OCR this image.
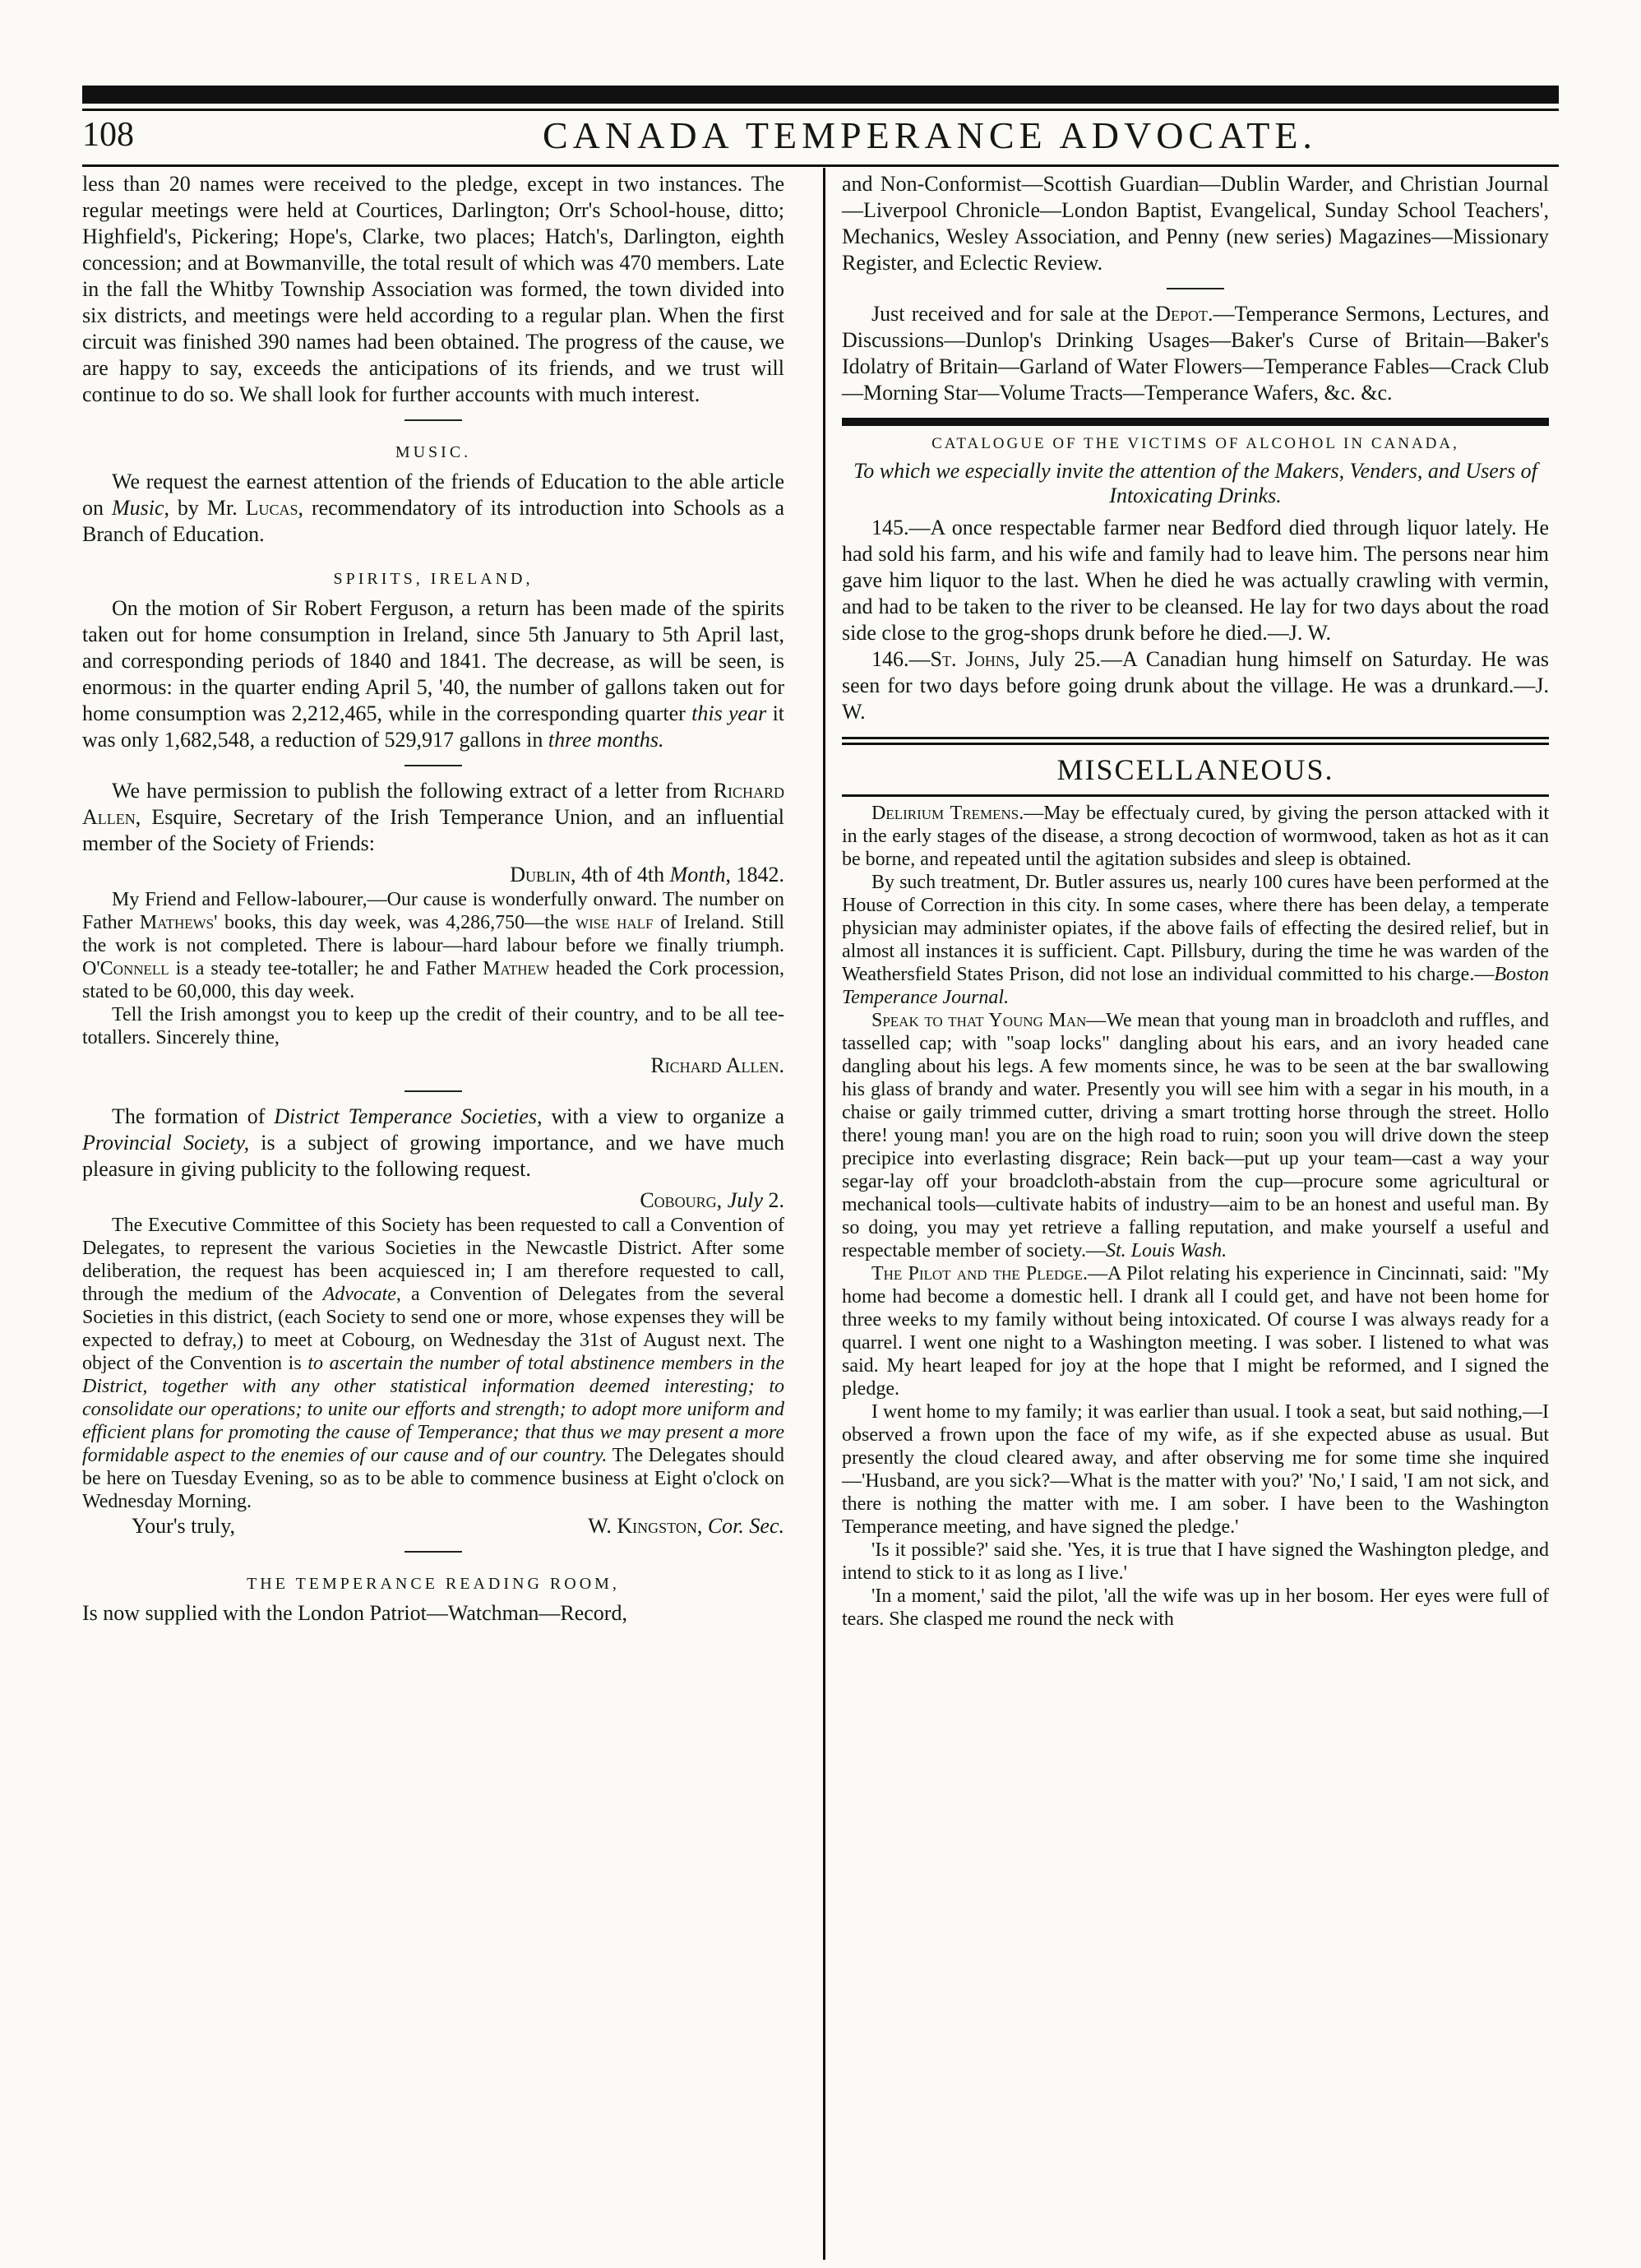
108	CANADA TEMPERANCE ADVOCATE.

less than 20 names were received to the pledge, except in two instances. The regular meetings were held at Courtices, Darlington; Orr's School-house, ditto; Highfield's, Pickering; Hope's, Clarke, two places; Hatch's, Darlington, eighth concession; and at Bowmanville, the total result of which was 470 members. Late in the fall the Whitby Township Association was formed, the town divided into six districts, and meetings were held according to a regular plan. When the first circuit was finished 390 names had been obtained. The progress of the cause, we are happy to say, exceeds the anticipations of its friends, and we trust will continue to do so. We shall look for further accounts with much interest.

MUSIC.

We request the earnest attention of the friends of Education to the able article on Music, by Mr. Lucas, recommendatory of its introduction into Schools as a Branch of Education.

SPIRITS, IRELAND,

On the motion of Sir Robert Ferguson, a return has been made of the spirits taken out for home consumption in Ireland, since 5th January to 5th April last, and corresponding periods of 1840 and 1841. The decrease, as will be seen, is enormous: in the quarter ending April 5, '40, the number of gallons taken out for home consumption was 2,212,465, while in the corresponding quarter this year it was only 1,682,548, a reduction of 529,917 gallons in three months.

We have permission to publish the following extract of a letter from Richard Allen, Esquire, Secretary of the Irish Temperance Union, and an influential member of the Society of Friends:

Dublin, 4th of 4th Month, 1842.

My Friend and Fellow-labourer,—Our cause is wonderfully onward. The number on Father Mathews' books, this day week, was 4,286,750—the wise half of Ireland. Still the work is not completed. There is labour—hard labour before we finally triumph. O'Connell is a steady tee-totaller; he and Father Mathew headed the Cork procession, stated to be 60,000, this day week.

Tell the Irish amongst you to keep up the credit of their country, and to be all tee-totallers. Sincerely thine,

Richard Allen.

The formation of District Temperance Societies, with a view to organize a Provincial Society, is a subject of growing importance, and we have much pleasure in giving publicity to the following request.

Cobourg, July 2.

The Executive Committee of this Society has been requested to call a Convention of Delegates, to represent the various Societies in the Newcastle District. After some deliberation, the request has been acquiesced in; I am therefore requested to call, through the medium of the Advocate, a Convention of Delegates from the several Societies in this district, (each Society to send one or more, whose expenses they will be expected to defray,) to meet at Cobourg, on Wednesday the 31st of August next. The object of the Convention is to ascertain the number of total abstinence members in the District, together with any other statistical information deemed interesting; to consolidate our operations; to unite our efforts and strength; to adopt more uniform and efficient plans for promoting the cause of Temperance; that thus we may present a more formidable aspect to the enemies of our cause and of our country. The Delegates should be here on Tuesday Evening, so as to be able to commence business at Eight o'clock on Wednesday Morning.

Your's truly,	W. Kingston, Cor. Sec.
THE TEMPERANCE READING ROOM,

Is now supplied with the London Patriot—Watchman—Record,

and Non-Conformist—Scottish Guardian—Dublin Warder, and Christian Journal—Liverpool Chronicle—London Baptist, Evangelical, Sunday School Teachers', Mechanics, Wesley Association, and Penny (new series) Magazines—Missionary Register, and Eclectic Review.

Just received and for sale at the Depot.—Temperance Sermons, Lectures, and Discussions—Dunlop's Drinking Usages—Baker's Curse of Britain—Baker's Idolatry of Britain—Garland of Water Flowers—Temperance Fables—Crack Club—Morning Star—Volume Tracts—Temperance Wafers, &c. &c.

CATALOGUE OF THE VICTIMS OF ALCOHOL IN CANADA,
To which we especially invite the attention of the Makers, Venders, and Users of Intoxicating Drinks.

145.—A once respectable farmer near Bedford died through liquor lately. He had sold his farm, and his wife and family had to leave him. The persons near him gave him liquor to the last. When he died he was actually crawling with vermin, and had to be taken to the river to be cleansed. He lay for two days about the road side close to the grog-shops drunk before he died.—J. W.

146.—St. Johns, July 25.—A Canadian hung himself on Saturday. He was seen for two days before going drunk about the village. He was a drunkard.—J. W.

MISCELLANEOUS.

Delirium Tremens.—May be effectualy cured, by giving the person attacked with it in the early stages of the disease, a strong decoction of wormwood, taken as hot as it can be borne, and repeated until the agitation subsides and sleep is obtained.

By such treatment, Dr. Butler assures us, nearly 100 cures have been performed at the House of Correction in this city. In some cases, where there has been delay, a temperate physician may administer opiates, if the above fails of effecting the desired relief, but in almost all instances it is sufficient. Capt. Pillsbury, during the time he was warden of the Weathersfield States Prison, did not lose an individual committed to his charge.—Boston Temperance Journal.

Speak to that Young Man—We mean that young man in broadcloth and ruffles, and tasselled cap; with "soap locks" dangling about his ears, and an ivory headed cane dangling about his legs. A few moments since, he was to be seen at the bar swallowing his glass of brandy and water. Presently you will see him with a segar in his mouth, in a chaise or gaily trimmed cutter, driving a smart trotting horse through the street. Hollo there! young man! you are on the high road to ruin; soon you will drive down the steep precipice into everlasting disgrace; Rein back—put up your team—cast a way your segar-lay off your broadcloth-abstain from the cup—procure some agricultural or mechanical tools—cultivate habits of industry—aim to be an honest and useful man. By so doing, you may yet retrieve a falling reputation, and make yourself a useful and respectable member of society.—St. Louis Wash.

The Pilot and the Pledge.—A Pilot relating his experience in Cincinnati, said: "My home had become a domestic hell. I drank all I could get, and have not been home for three weeks to my family without being intoxicated. Of course I was always ready for a quarrel. I went one night to a Washington meeting. I was sober. I listened to what was said. My heart leaped for joy at the hope that I might be reformed, and I signed the pledge.

I went home to my family; it was earlier than usual. I took a seat, but said nothing,—I observed a frown upon the face of my wife, as if she expected abuse as usual. But presently the cloud cleared away, and after observing me for some time she inquired—'Husband, are you sick?—What is the matter with you?' 'No,' I said, 'I am not sick, and there is nothing the matter with me. I am sober. I have been to the Washington Temperance meeting, and have signed the pledge.'

'Is it possible?' said she. 'Yes, it is true that I have signed the Washington pledge, and intend to stick to it as long as I live.'

'In a moment,' said the pilot, 'all the wife was up in her bosom. Her eyes were full of tears. She clasped me round the neck with
